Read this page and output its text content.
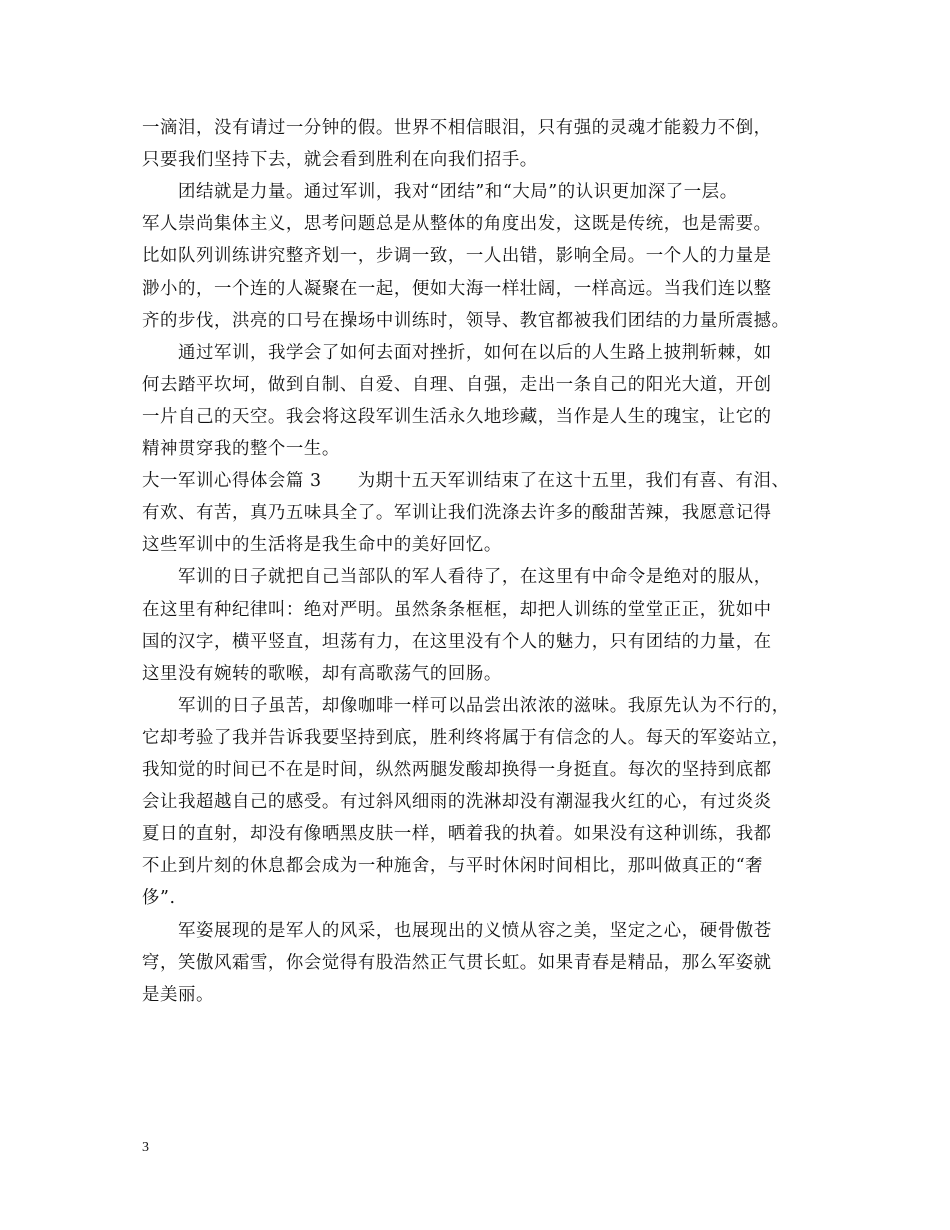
一滴泪，没有请过一分钟的假。世界不相信眼泪，只有强的灵魂才能毅力不倒，
只要我们坚持下去，就会看到胜利在向我们招手。
团结就是力量。通过军训，我对“团结”和“大局”的认识更加深了一层。
军人崇尚集体主义，思考问题总是从整体的角度出发，这既是传统，也是需要。
比如队列训练讲究整齐划一，步调一致，一人出错，影响全局。一个人的力量是
渺小的，一个连的人凝聚在一起，便如大海一样壮阔，一样高远。当我们连以整
齐的步伐，洪亮的口号在操场中训练时，领导、教官都被我们团结的力量所震撼。
通过军训，我学会了如何去面对挫折，如何在以后的人生路上披荆斩棘，如
何去踏平坎坷，做到自制、自爱、自理、自强，走出一条自己的阳光大道，开创
一片自己的天空。我会将这段军训生活永久地珍藏，当作是人生的瑰宝，让它的
精神贯穿我的整个一生。
大一军训心得体会篇 3　　为期十五天军训结束了在这十五里，我们有喜、有泪、
有欢、有苦，真乃五味具全了。军训让我们洗涤去许多的酸甜苦辣，我愿意记得
这些军训中的生活将是我生命中的美好回忆。
军训的日子就把自己当部队的军人看待了，在这里有中命令是绝对的服从，
在这里有种纪律叫：绝对严明。虽然条条框框，却把人训练的堂堂正正，犹如中
国的汉字，横平竖直，坦荡有力，在这里没有个人的魅力，只有团结的力量，在
这里没有婉转的歌喉，却有高歌荡气的回肠。
军训的日子虽苦，却像咖啡一样可以品尝出浓浓的滋味。我原先认为不行的，
它却考验了我并告诉我要坚持到底，胜利终将属于有信念的人。每天的军姿站立，
我知觉的时间已不在是时间，纵然两腿发酸却换得一身挺直。每次的坚持到底都
会让我超越自己的感受。有过斜风细雨的洗淋却没有潮湿我火红的心，有过炎炎
夏日的直射，却没有像晒黑皮肤一样，晒着我的执着。如果没有这种训练，我都
不止到片刻的休息都会成为一种施舍，与平时休闲时间相比，那叫做真正的“奢
侈”.
军姿展现的是军人的风采，也展现出的义愤从容之美，坚定之心，硬骨傲苍
穹，笑傲风霜雪，你会觉得有股浩然正气贯长虹。如果青春是精品，那么军姿就
是美丽。
3
